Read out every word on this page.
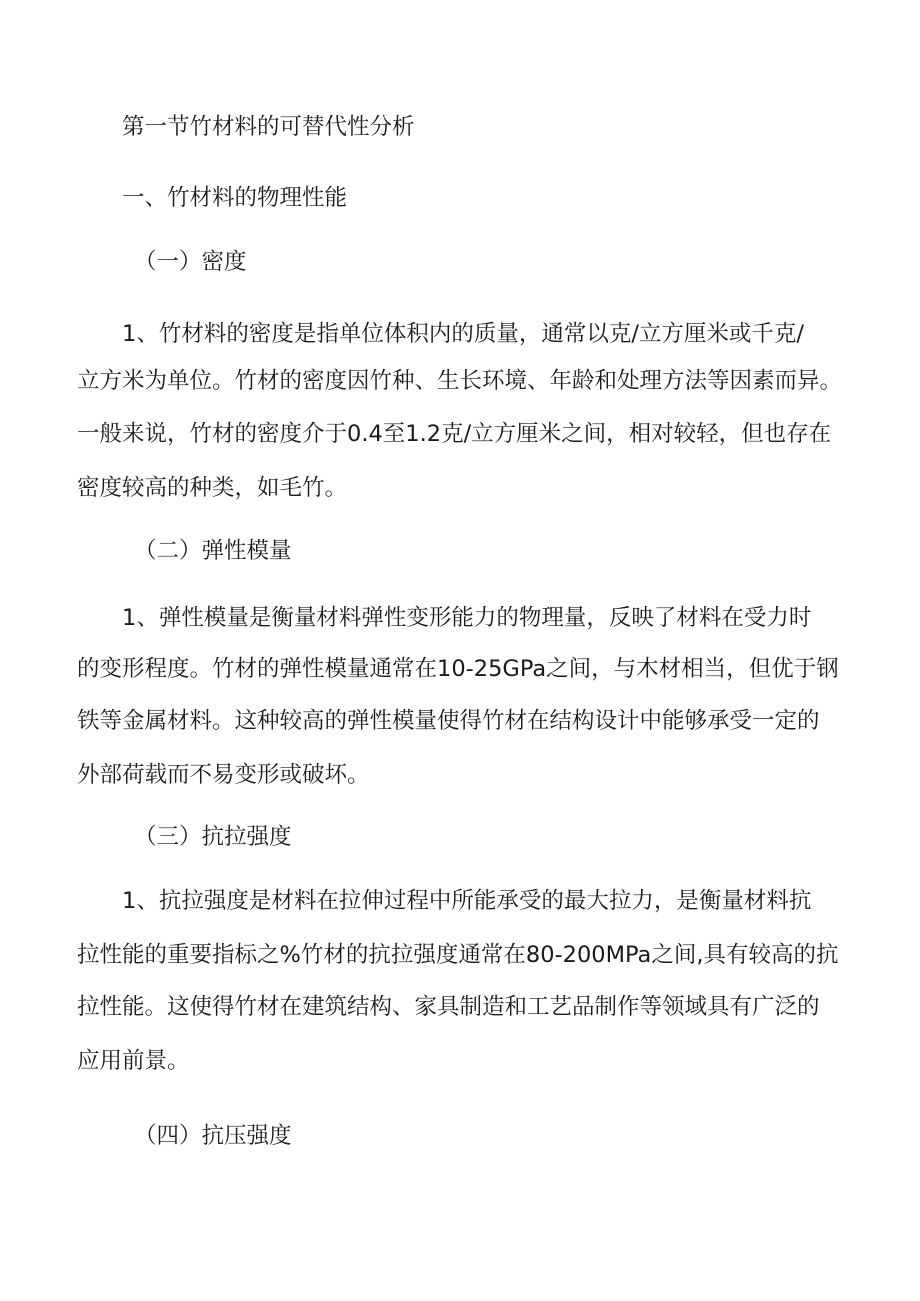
第一节竹材料的可替代性分析
一、竹材料的物理性能
（一）密度
1、竹材料的密度是指单位体积内的质量，通常以克/立方厘米或千克/
立方米为单位。竹材的密度因竹种、生长环境、年龄和处理方法等因素而异。
一般来说，竹材的密度介于0.4至1.2克/立方厘米之间，相对较轻，但也存在
密度较高的种类，如毛竹。
（二）弹性模量
1、弹性模量是衡量材料弹性变形能力的物理量，反映了材料在受力时
的变形程度。竹材的弹性模量通常在10-25GPa之间，与木材相当，但优于钢
铁等金属材料。这种较高的弹性模量使得竹材在结构设计中能够承受一定的
外部荷载而不易变形或破坏。
（三）抗拉强度
1、抗拉强度是材料在拉伸过程中所能承受的最大拉力，是衡量材料抗
拉性能的重要指标之%竹材的抗拉强度通常在80-200MPa之间,具有较高的抗
拉性能。这使得竹材在建筑结构、家具制造和工艺品制作等领域具有广泛的
应用前景。
（四）抗压强度
